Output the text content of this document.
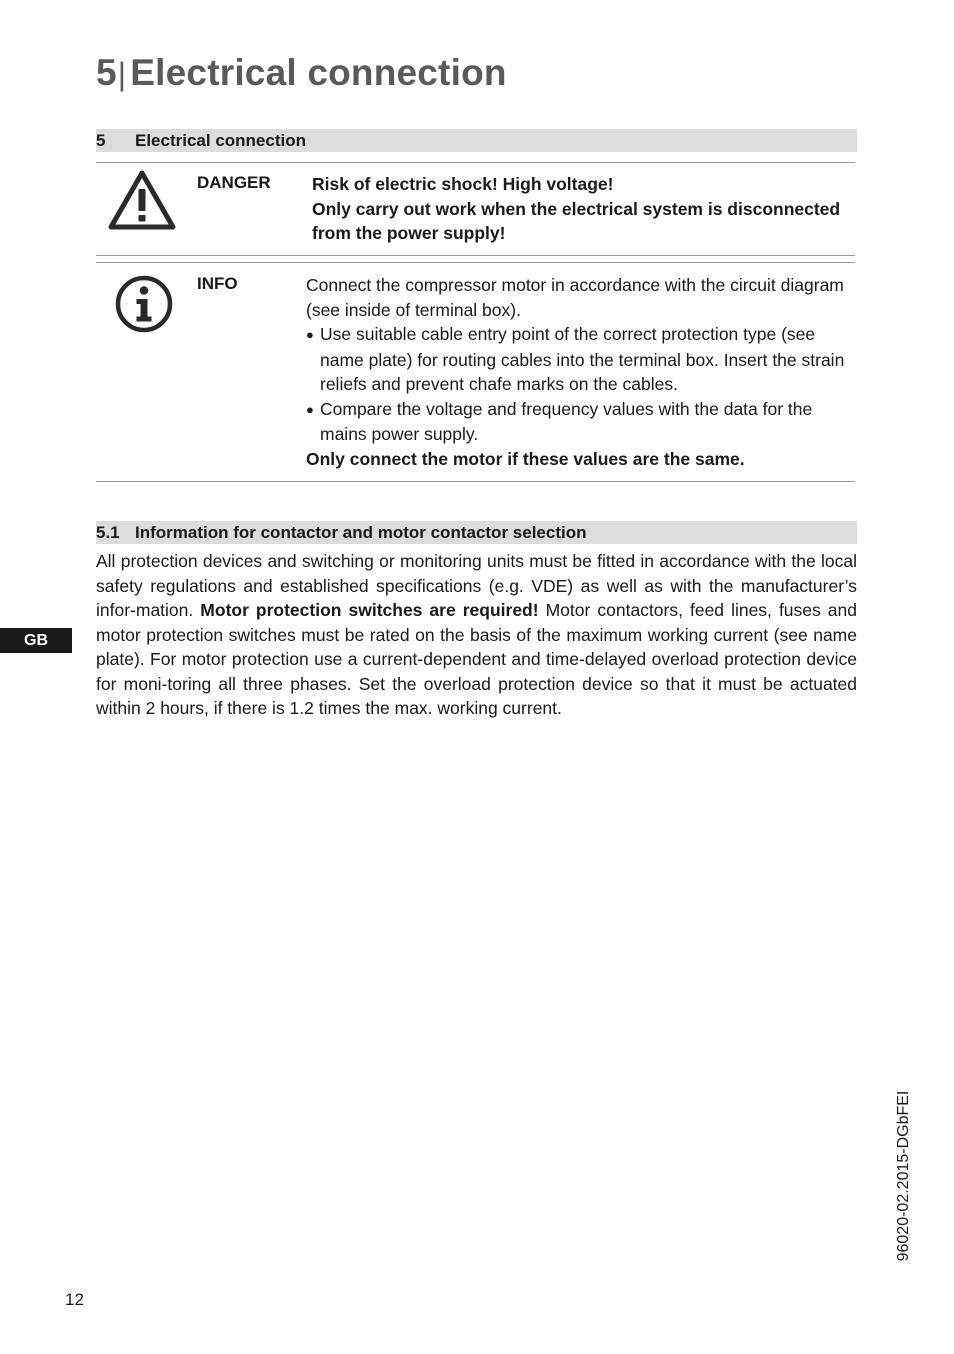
5| Electrical connection
5 Electrical connection
DANGER Risk of electric shock! High voltage!

Only carry out work when the electrical system is disconnected from the power supply!

INFO	Connect the compressor motor in accordance with the circuit diagram (see inside of terminal box).

● Use suitable cable entry point of the correct protection type (see name plate) for routing cables into the terminal box. Insert the strain reliefs and prevent chafe marks on the cables.

● Compare the voltage and frequency values with the data for the mains power supply.

Only connect the motor if these values are the same.

5.1 Information for contactor and motor contactor selection

All protection devices and switching or monitoring units must be fitted in accordance with the local safety regulations and established specifications (e.g. VDE) as well as with the manufacturer’s infor-mation. Motor protection switches are required! Motor contactors, feed lines, fuses and motor protection switches must be rated on the basis of the maximum working current (see name plate). For motor protection use a current-dependent and time-delayed overload protection device for moni-toring all three phases. Set the overload protection device so that it must be actuated within 2 hours, if there is 1.2 times the max. working current.

GB
96020-02.2015-DGbFEI
12
